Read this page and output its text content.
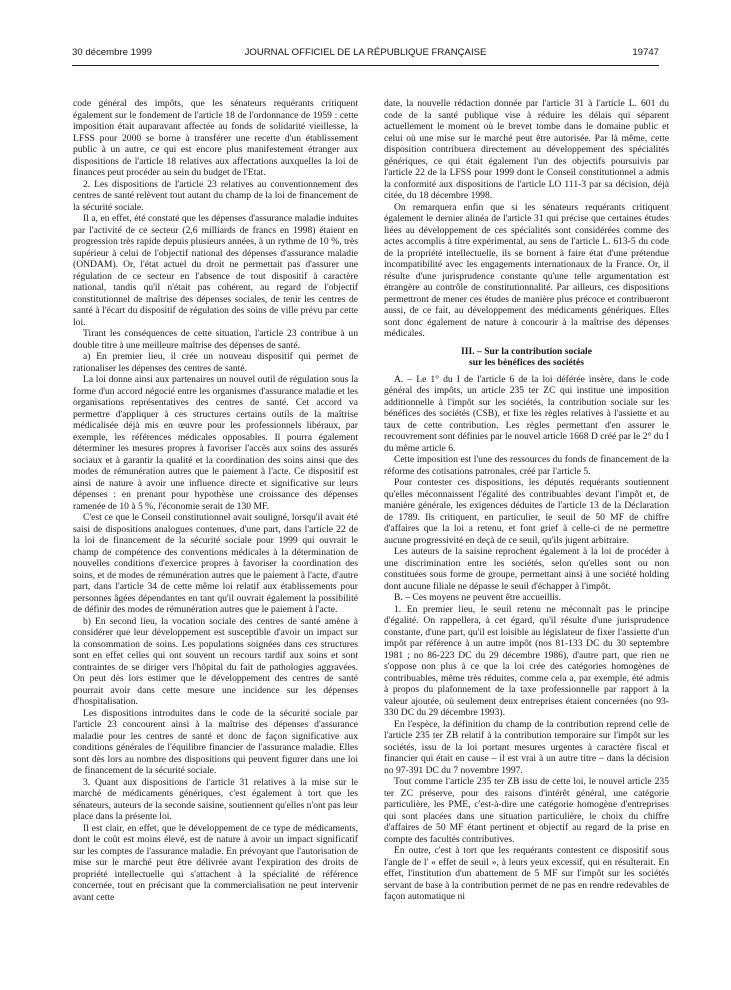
30 décembre 1999	JOURNAL OFFICIEL DE LA RÉPUBLIQUE FRANÇAISE	19747

code général des impôts, que les sénateurs requérants critiquent également sur le fondement de l'article 18 de l'ordonnance de 1959 : cette imposition était auparavant affectée au fonds de solidarité vieillesse, la LFSS pour 2000 se borne à transférer une recette d'un établissement public à un autre, ce qui est encore plus manifestement étranger aux dispositions de l'article 18 relatives aux affectations auxquelles la loi de finances peut procéder au sein du budget de l'Etat.

2. Les dispositions de l'article 23 relatives au conventionnement des centres de santé relèvent tout autant du champ de la loi de financement de la sécurité sociale.

Il a, en effet, été constaté que les dépenses d'assurance maladie induites par l'activité de ce secteur (2,6 milliards de francs en 1998) étaient en progression très rapide depuis plusieurs années, à un rythme de 10 %, très supérieur à celui de l'objectif national des dépenses d'assurance maladie (ONDAM). Or, l'état actuel du droit ne permettait pas d'assurer une régulation de ce secteur en l'absence de tout dispositif à caractère national, tandis qu'il n'était pas cohérent, au regard de l'objectif constitutionnel de maîtrise des dépenses sociales, de tenir les centres de santé à l'écart du dispositif de régulation des soins de ville prévu par cette loi.

Tirant les conséquences de cette situation, l'article 23 contribue à un double titre à une meilleure maîtrise des dépenses de santé.

a) En premier lieu, il crée un nouveau dispositif qui permet de rationaliser les dépenses des centres de santé.

La loi donne ainsi aux partenaires un nouvel outil de régulation sous la forme d'un accord négocié entre les organismes d'assurance maladie et les organisations représentatives des centres de santé. Cet accord va permettre d'appliquer à ces structures certains outils de la maîtrise médicalisée déjà mis en œuvre pour les professionnels libéraux, par exemple, les références médicales opposables. Il pourra également déterminer les mesures propres à favoriser l'accès aux soins des assurés sociaux et à garantir la qualité et la coordination des soins ainsi que des modes de rémunération autres que le paiement à l'acte. Ce dispositif est ainsi de nature à avoir une influence directe et significative sur leurs dépenses : en prenant pour hypothèse une croissance des dépenses ramenée de 10 à 5 %, l'économie serait de 130 MF.

C'est ce que le Conseil constitutionnel avait souligné, lorsqu'il avait été saisi de dispositions analogues contenues, d'une part, dans l'article 22 de la loi de financement de la sécurité sociale pour 1999 qui ouvrait le champ de compétence des conventions médicales à la détermination de nouvelles conditions d'exercice propres à favoriser la coordination des soins, et de modes de rémunération autres que le paiement à l'acte, d'autre part, dans l'article 34 de cette même loi relatif aux établissements pour personnes âgées dépendantes en tant qu'il ouvrait également la possibilité de définir des modes de rémunération autres que le paiement à l'acte.

b) En second lieu, la vocation sociale des centres de santé amène à considérer que leur développement est susceptible d'avoir un impact sur la consommation de soins. Les populations soignées dans ces structures sont en effet celles qui ont souvent un recours tardif aux soins et sont contraintes de se diriger vers l'hôpital du fait de pathologies aggravées. On peut dès lors estimer que le développement des centres de santé pourrait avoir dans cette mesure une incidence sur les dépenses d'hospitalisation.

Les dispositions introduites dans le code de la sécurité sociale par l'article 23 concourent ainsi à la maîtrise des dépenses d'assurance maladie pour les centres de santé et donc de façon significative aux conditions générales de l'équilibre financier de l'assurance maladie. Elles sont dès lors au nombre des dispositions qui peuvent figurer dans une loi de financement de la sécurité sociale.

3. Quant aux dispositions de l'article 31 relatives à la mise sur le marché de médicaments génériques, c'est également à tort que les sénateurs, auteurs de la seconde saisine, soutiennent qu'elles n'ont pas leur place dans la présente loi.

Il est clair, en effet, que le développement de ce type de médicaments, dont le coût est moins élevé, est de nature à avoir un impact significatif sur les comptes de l'assurance maladie. En prévoyant que l'autorisation de mise sur le marché peut être délivrée avant l'expiration des droits de propriété intellectuelle qui s'attachent à la spécialité de référence concernée, tout en précisant que la commercialisation ne peut intervenir avant cette

date, la nouvelle rédaction donnée par l'article 31 à l'article L. 601 du code de la santé publique vise à réduire les délais qui séparent actuellement le moment où le brevet tombe dans le domaine public et celui où une mise sur le marché peut être autorisée. Par là même, cette disposition contribuera directement au développement des spécialités génériques, ce qui était également l'un des objectifs poursuivis par l'article 22 de la LFSS pour 1999 dont le Conseil constitutionnel a admis la conformité aux dispositions de l'article LO 111-3 par sa décision, déjà citée, du 18 décembre 1998.

On remarquera enfin que si les sénateurs requérants critiquent également le dernier alinéa de l'article 31 qui précise que certaines études liées au développement de ces spécialités sont considérées comme des actes accomplis à titre expérimental, au sens de l'article L. 613-5 du code de la propriété intellectuelle, ils se bornent à faire état d'une prétendue incompatibilité avec les engagements internationaux de la France. Or, il résulte d'une jurisprudence constante qu'une telle argumentation est étrangère au contrôle de constitutionnalité. Par ailleurs, ces dispositions permettront de mener ces études de manière plus précoce et contribueront aussi, de ce fait, au développement des médicaments génériques. Elles sont donc également de nature à concourir à la maîtrise des dépenses médicales.

III. – Sur la contribution sociale
sur les bénéfices des sociétés

A. – Le 1° du I de l'article 6 de la loi déférée insère, dans le code général des impôts, un article 235 ter ZC qui institue une imposition additionnelle à l'impôt sur les sociétés, la contribution sociale sur les bénéfices des sociétés (CSB), et fixe les règles relatives à l'assiette et au taux de cette contribution. Les règles permettant d'en assurer le recouvrement sont définies par le nouvel article 1668 D créé par le 2° du I du même article 6.

Cette imposition est l'une des ressources du fonds de financement de la réforme des cotisations patronales, créé par l'article 5.

Pour contester ces dispositions, les députés requérants soutiennent qu'elles méconnaissent l'égalité des contribuables devant l'impôt et, de manière générale, les exigences déduites de l'article 13 de la Déclaration de 1789. Ils critiquent, en particulier, le seuil de 50 MF de chiffre d'affaires que la loi a retenu, et font grief à celle-ci de ne permettre aucune progressivité en deçà de ce seuil, qu'ils jugent arbitraire.

Les auteurs de la saisine reprochent également à la loi de procéder à une discrimination entre les sociétés, selon qu'elles sont ou non constituées sous forme de groupe, permettant ainsi à une société holding dont aucune filiale ne dépasse le seuil d'échapper à l'impôt.

B. – Ces moyens ne peuvent être accueillis.

1. En premier lieu, le seuil retenu ne méconnaît pas le principe d'égalité. On rappellera, à cet égard, qu'il résulte d'une jurisprudence constante, d'une part, qu'il est loisible au législateur de fixer l'assiette d'un impôt par référence à un autre impôt (nos 81-133 DC du 30 septembre 1981 ; no 86-223 DC du 29 décembre 1986), d'autre part, que rien ne s'oppose non plus à ce que la loi crée des catégories homogènes de contribuables, même très réduites, comme cela a, par exemple, été admis à propos du plafonnement de la taxe professionnelle par rapport à la valeur ajoutée, où seulement deux entreprises étaient concernées (no 93-330 DC du 29 décembre 1993).

En l'espèce, la définition du champ de la contribution reprend celle de l'article 235 ter ZB relatif à la contribution temporaire sur l'impôt sur les sociétés, issu de la loi portant mesures urgentes à caractère fiscal et financier qui était en cause – il est vrai à un autre titre – dans la décision no 97-391 DC du 7 novembre 1997.

Tout comme l'article 235 ter ZB issu de cette loi, le nouvel article 235 ter ZC préserve, pour des raisons d'intérêt général, une catégorie particulière, les PME, c'est-à-dire une catégorie homogène d'entreprises qui sont placées dans une situation particulière, le choix du chiffre d'affaires de 50 MF étant pertinent et objectif au regard de la prise en compte des facultés contributives.

En outre, c'est à tort que les requérants contestent ce dispositif sous l'angle de l' « effet de seuil », à leurs yeux excessif, qui en résulterait. En effet, l'institution d'un abattement de 5 MF sur l'impôt sur les sociétés servant de base à la contribution permet de ne pas en rendre redevables de façon automatique ni
